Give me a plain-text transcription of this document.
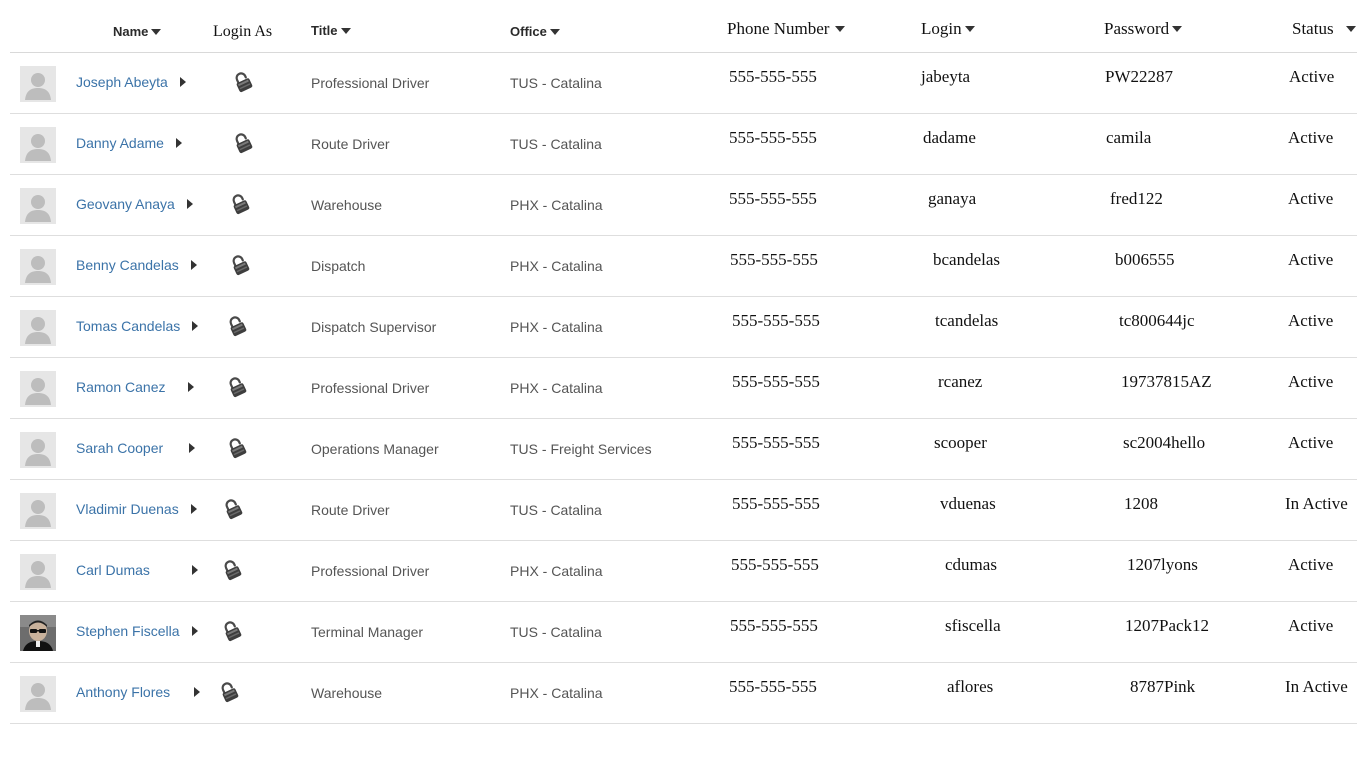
Name	Login As	Title	Office	Phone Number	Login	Password	Status
Joseph Abeyta	Professional Driver	TUS - Catalina	555-555-555	jabeyta	PW22287	Active
Danny Adame	Route Driver	TUS - Catalina	555-555-555	dadame	camila	Active
Geovany Anaya	Warehouse	PHX - Catalina	555-555-555	ganaya	fred122	Active
Benny Candelas	Dispatch	PHX - Catalina	555-555-555	bcandelas	b006555	Active
Tomas Candelas	Dispatch Supervisor	PHX - Catalina	555-555-555	tcandelas	tc800644jc	Active
Ramon Canez	Professional Driver	PHX - Catalina	555-555-555	rcanez	19737815AZ	Active
Sarah Cooper	Operations Manager	TUS - Freight Services	555-555-555	scooper	sc2004hello	Active
Vladimir Duenas	Route Driver	TUS - Catalina	555-555-555	vduenas	1208	In Active
Carl Dumas	Professional Driver	PHX - Catalina	555-555-555	cdumas	1207lyons	Active
Stephen Fiscella	Terminal Manager	TUS - Catalina	555-555-555	sfiscella	1207Pack12	Active
Anthony Flores	Warehouse	PHX - Catalina	555-555-555	aflores	8787Pink	In Active
